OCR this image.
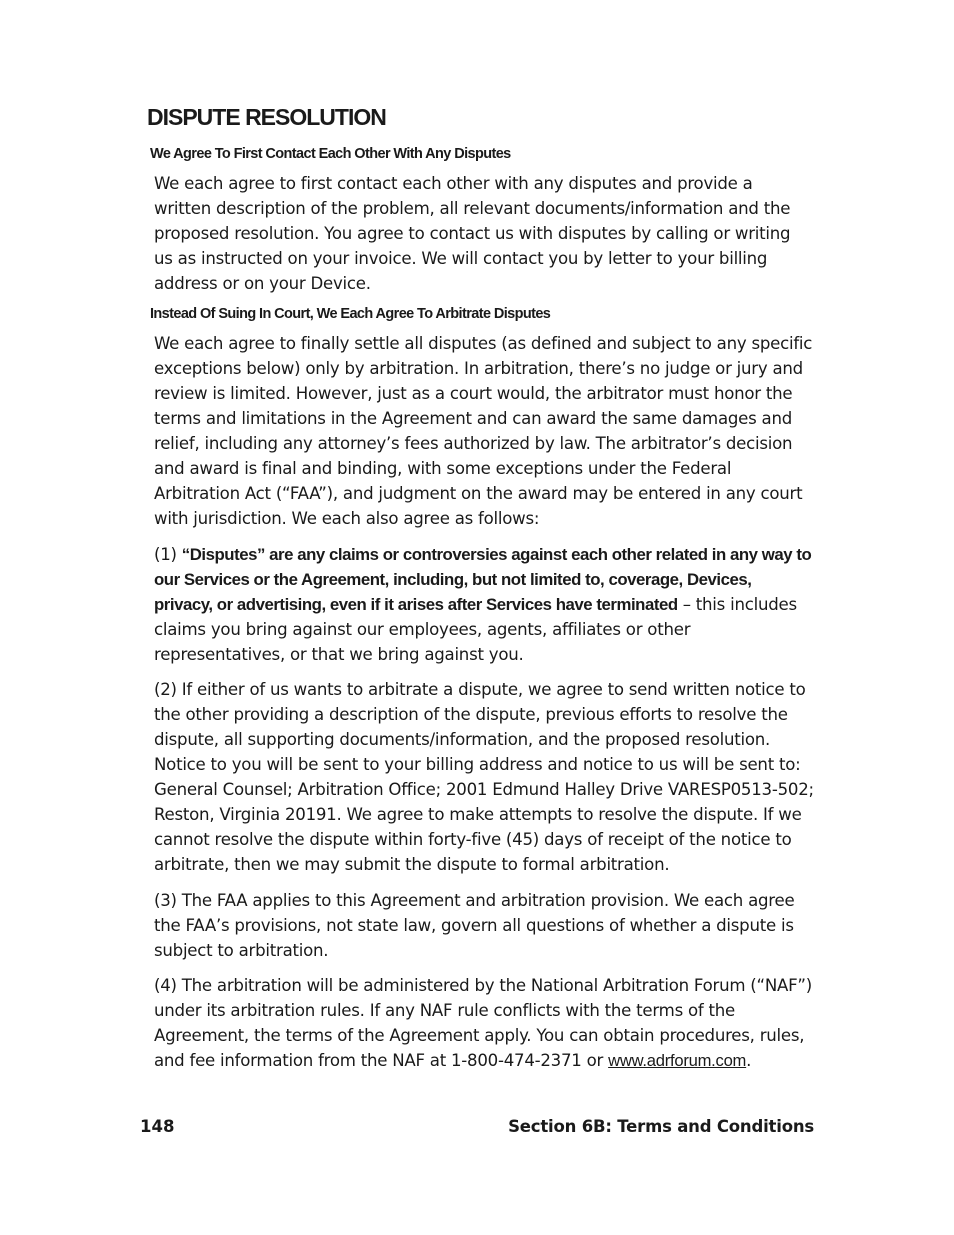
DISPUTE RESOLUTION
We Agree To First Contact Each Other With Any Disputes

We each agree to first contact each other with any disputes and provide a written description of the problem, all relevant documents/information and the proposed resolution. You agree to contact us with disputes by calling or writing us as instructed on your invoice. We will contact you by letter to your billing address or on your Device.

Instead Of Suing In Court, We Each Agree To Arbitrate Disputes

We each agree to finally settle all disputes (as defined and subject to any specific exceptions below) only by arbitration. In arbitration, there’s no judge or jury and review is limited. However, just as a court would, the arbitrator must honor the terms and limitations in the Agreement and can award the same damages and relief, including any attorney’s fees authorized by law. The arbitrator’s decision and award is final and binding, with some exceptions under the Federal Arbitration Act (“FAA”), and judgment on the award may be entered in any court with jurisdiction. We each also agree as follows:

(1) “Disputes” are any claims or controversies against each other related in any way to our Services or the Agreement, including, but not limited to, coverage, Devices, privacy, or advertising, even if it arises after Services have terminated – this includes claims you bring against our employees, agents, affiliates or other representatives, or that we bring against you.

(2) If either of us wants to arbitrate a dispute, we agree to send written notice to the other providing a description of the dispute, previous efforts to resolve the dispute, all supporting documents/information, and the proposed resolution. Notice to you will be sent to your billing address and notice to us will be sent to: General Counsel; Arbitration Office; 2001 Edmund Halley Drive VARESP0513-502; Reston, Virginia 20191. We agree to make attempts to resolve the dispute. If we cannot resolve the dispute within forty-five (45) days of receipt of the notice to arbitrate, then we may submit the dispute to formal arbitration.

(3) The FAA applies to this Agreement and arbitration provision. We each agree the FAA’s provisions, not state law, govern all questions of whether a dispute is subject to arbitration.

(4) The arbitration will be administered by the National Arbitration Forum (“NAF”) under its arbitration rules. If any NAF rule conflicts with the terms of the Agreement, the terms of the Agreement apply. You can obtain procedures, rules, and fee information from the NAF at 1-800-474-2371 or www.adrforum.com.

148	Section 6B: Terms and Conditions
